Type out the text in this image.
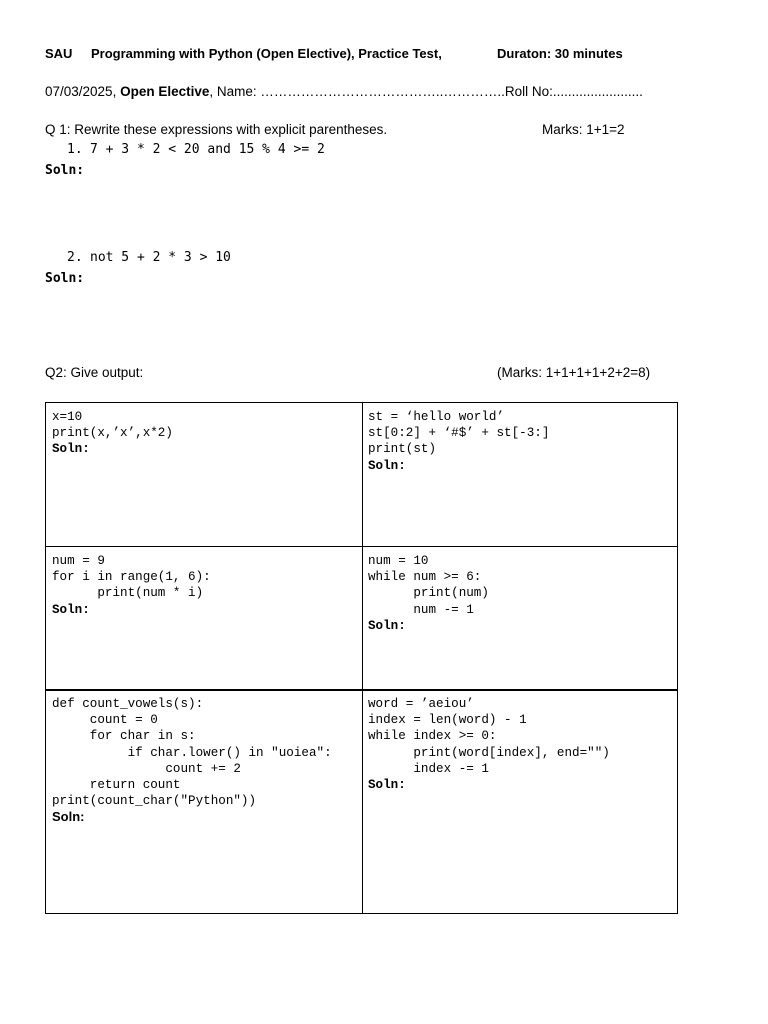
SAU Programming with Python (Open Elective), Practice Test,	Duraton: 30 minutes
07/03/2025, Open Elective, Name: …………………………………..…………..Roll No:........................
Q 1: Rewrite these expressions with explicit parentheses.	Marks: 1+1=2
1. 7 + 3 * 2 < 20 and 15 % 4 >= 2
Soln:
2. not 5 + 2 * 3 > 10
Soln:
Q2: Give output:	(Marks: 1+1+1+1+2+2=8)
x=10
print(x,’x’,x*2)
Soln:
st = ‘hello world’
st[0:2] + ‘#$’ + st[-3:]
print(st)
Soln:
num = 9
for i in range(1, 6):
print(num * i)
Soln:
num = 10
while num >= 6:
print(num)
num -= 1
Soln:
def count_vowels(s):
count = 0
for char in s:
if char.lower() in "uoiea":
count += 2
return count
print(count_char("Python"))
Soln:
word = ’aeiou’
index = len(word) - 1
while index >= 0:
print(word[index], end="")
index -= 1
Soln:
